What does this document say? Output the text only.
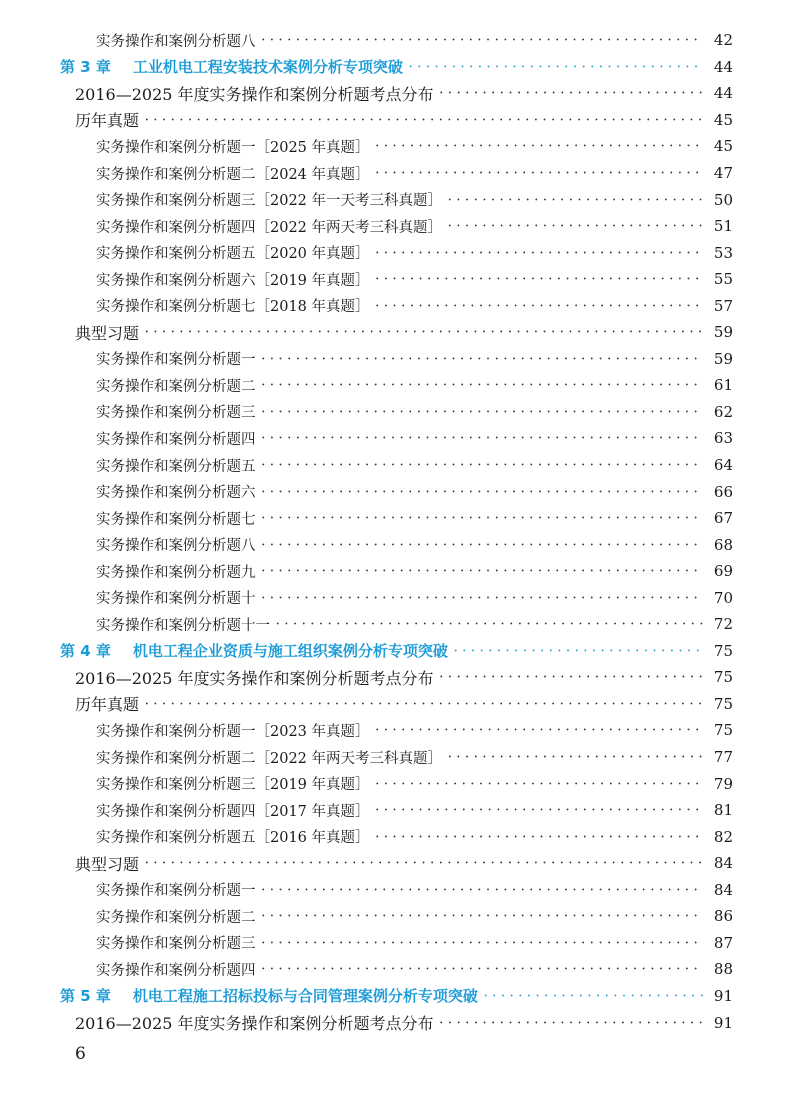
实务操作和案例分析题八 • • •	42
第 3 章 工业机电工程安装技术案例分析专项突破 • • •	44
2016—2025 年度实务操作和案例分析题考点分布 • • •	44
历年真题 • • •	45
实务操作和案例分析题一［2025 年真题］ • • •	45
实务操作和案例分析题二［2024 年真题］ • • •	47
实务操作和案例分析题三［2022 年一天考三科真题］ • • •	50
实务操作和案例分析题四［2022 年两天考三科真题］ • • •	51
实务操作和案例分析题五［2020 年真题］ • • •	53
实务操作和案例分析题六［2019 年真题］ • • •	55
实务操作和案例分析题七［2018 年真题］ • • •	57
典型习题 • • •	59
实务操作和案例分析题一 • • •	59
实务操作和案例分析题二 • • •	61
实务操作和案例分析题三 • • •	62
实务操作和案例分析题四 • • •	63
实务操作和案例分析题五 • • •	64
实务操作和案例分析题六 • • •	66
实务操作和案例分析题七 • • •	67
实务操作和案例分析题八 • • •	68
实务操作和案例分析题九 • • •	69
实务操作和案例分析题十 • • •	70
实务操作和案例分析题十一 • • •	72
第 4 章 机电工程企业资质与施工组织案例分析专项突破 • • •	75
2016—2025 年度实务操作和案例分析题考点分布 • • •	75
历年真题 • • •	75
实务操作和案例分析题一［2023 年真题］ • • •	75
实务操作和案例分析题二［2022 年两天考三科真题］ • • •	77
实务操作和案例分析题三［2019 年真题］ • • •	79
实务操作和案例分析题四［2017 年真题］ • • •	81
实务操作和案例分析题五［2016 年真题］ • • •	82
典型习题 • • •	84
实务操作和案例分析题一 • • •	84
实务操作和案例分析题二 • • •	86
实务操作和案例分析题三 • • •	87
实务操作和案例分析题四 • • •	88
第 5 章 机电工程施工招标投标与合同管理案例分析专项突破 • • •	91
2016—2025 年度实务操作和案例分析题考点分布 • • •	91
6
